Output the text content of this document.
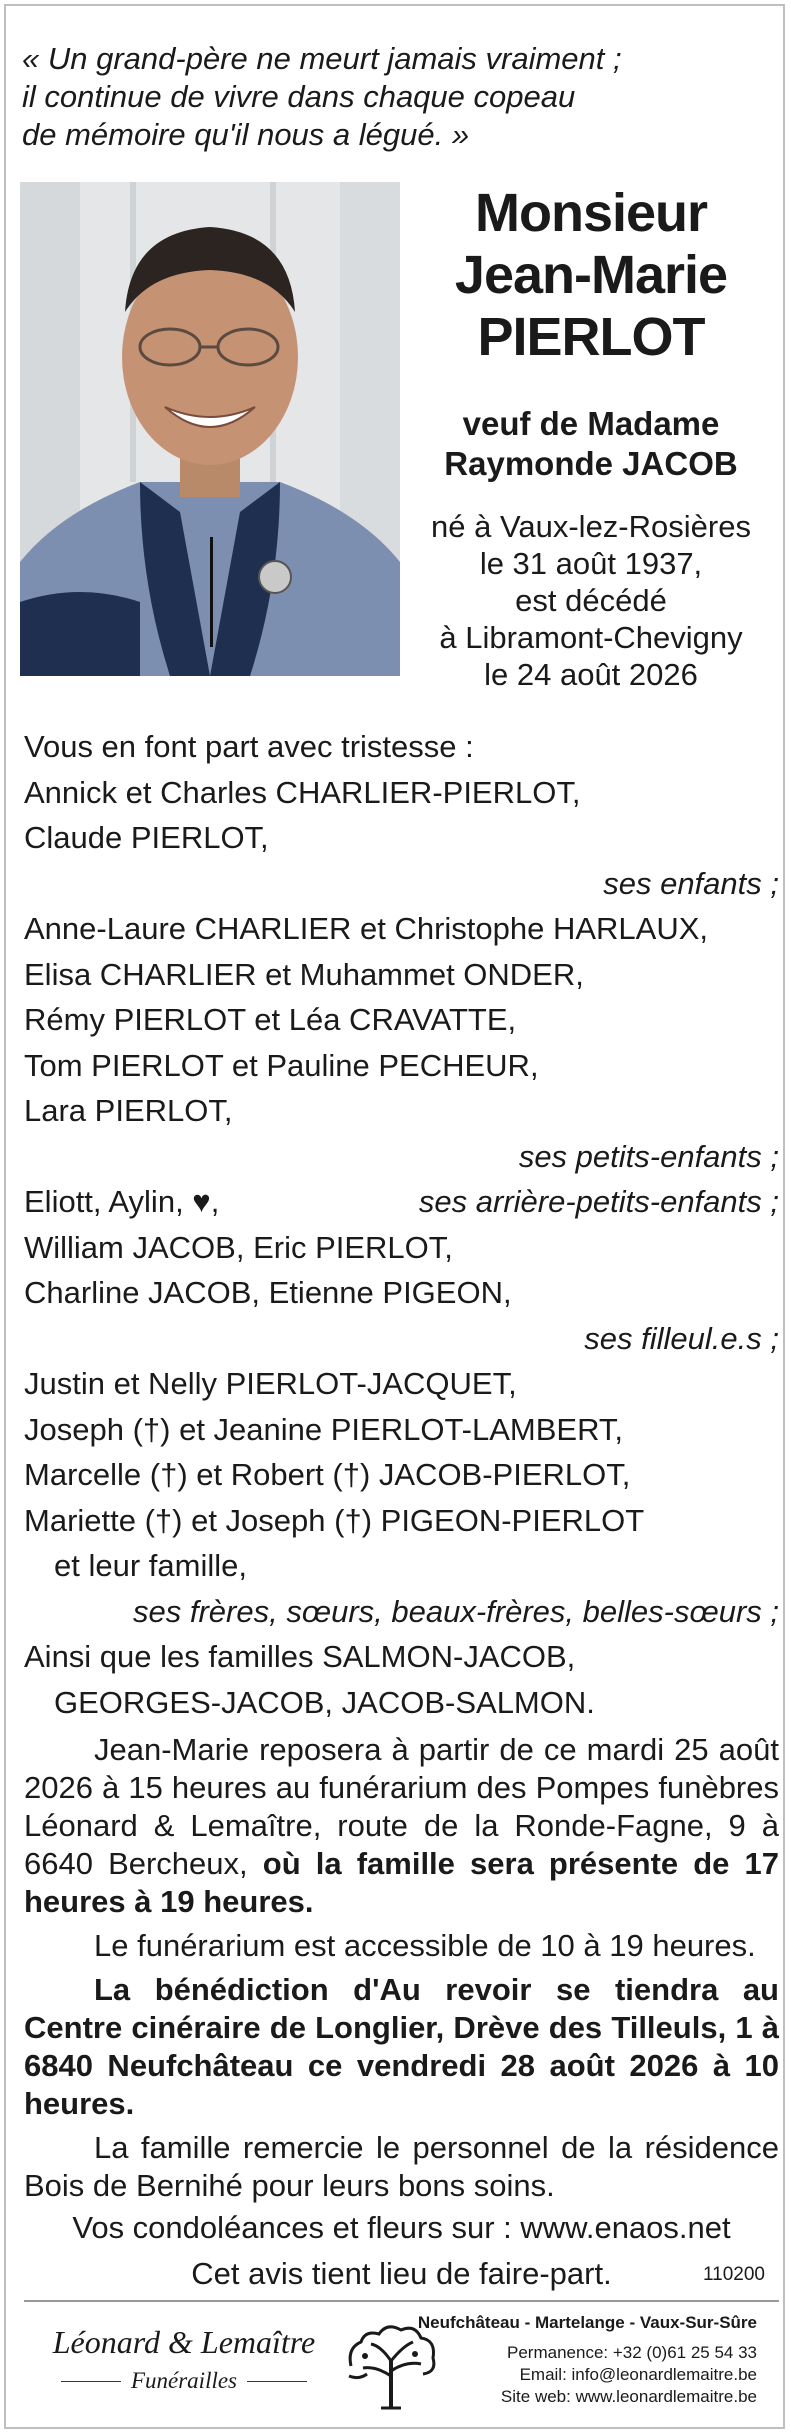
« Un grand-père ne meurt jamais vraiment ;
il continue de vivre dans chaque copeau
de mémoire qu'il nous a légué. »

Monsieur
Jean-Marie
PIERLOT
veuf de Madame
Raymonde JACOB
né à Vaux-lez-Rosières
le 31 août 1937,
est décédé
à Libramont-Chevigny
le 24 août 2026
Vous en font part avec tristesse :
Annick et Charles CHARLIER-PIERLOT,
Claude PIERLOT,
ses enfants ;
Anne-Laure CHARLIER et Christophe HARLAUX,
Elisa CHARLIER et Muhammet ONDER,
Rémy PIERLOT et Léa CRAVATTE,
Tom PIERLOT et Pauline PECHEUR,
Lara PIERLOT,
ses petits-enfants ;
Eliott, Aylin, ♥,	ses arrière-petits-enfants ;
William JACOB, Eric PIERLOT,
Charline JACOB, Etienne PIGEON,
ses filleul.e.s ;
Justin et Nelly PIERLOT-JACQUET,
Joseph (†) et Jeanine PIERLOT-LAMBERT,
Marcelle (†) et Robert (†) JACOB-PIERLOT,
Mariette (†) et Joseph (†) PIGEON-PIERLOT
et leur famille,
ses frères, sœurs, beaux-frères, belles-sœurs ;
Ainsi que les familles SALMON-JACOB,
GEORGES-JACOB, JACOB-SALMON.
Jean-Marie reposera à partir de ce mardi 25 août 2026 à 15 heures au funérarium des Pompes funèbres Léonard & Lemaître, route de la Ronde-Fagne, 9 à 6640 Bercheux, où la famille sera présente de 17 heures à 19 heures.
Le funérarium est accessible de 10 à 19 heures.
La bénédiction d'Au revoir se tiendra au Centre cinéraire de Longlier, Drève des Tilleuls, 1 à 6840 Neufchâteau ce vendredi 28 août 2026 à 10 heures.
La famille remercie le personnel de la résidence Bois de Bernihé pour leurs bons soins.
Vos condoléances et fleurs sur : www.enaos.net
Cet avis tient lieu de faire-part.	110200
Léonard & Lemaître
Funérailles
Neufchâteau - Martelange - Vaux-Sur-Sûre
Permanence: +32 (0)61 25 54 33
Email: info@leonardlemaitre.be
Site web: www.leonardlemaitre.be
